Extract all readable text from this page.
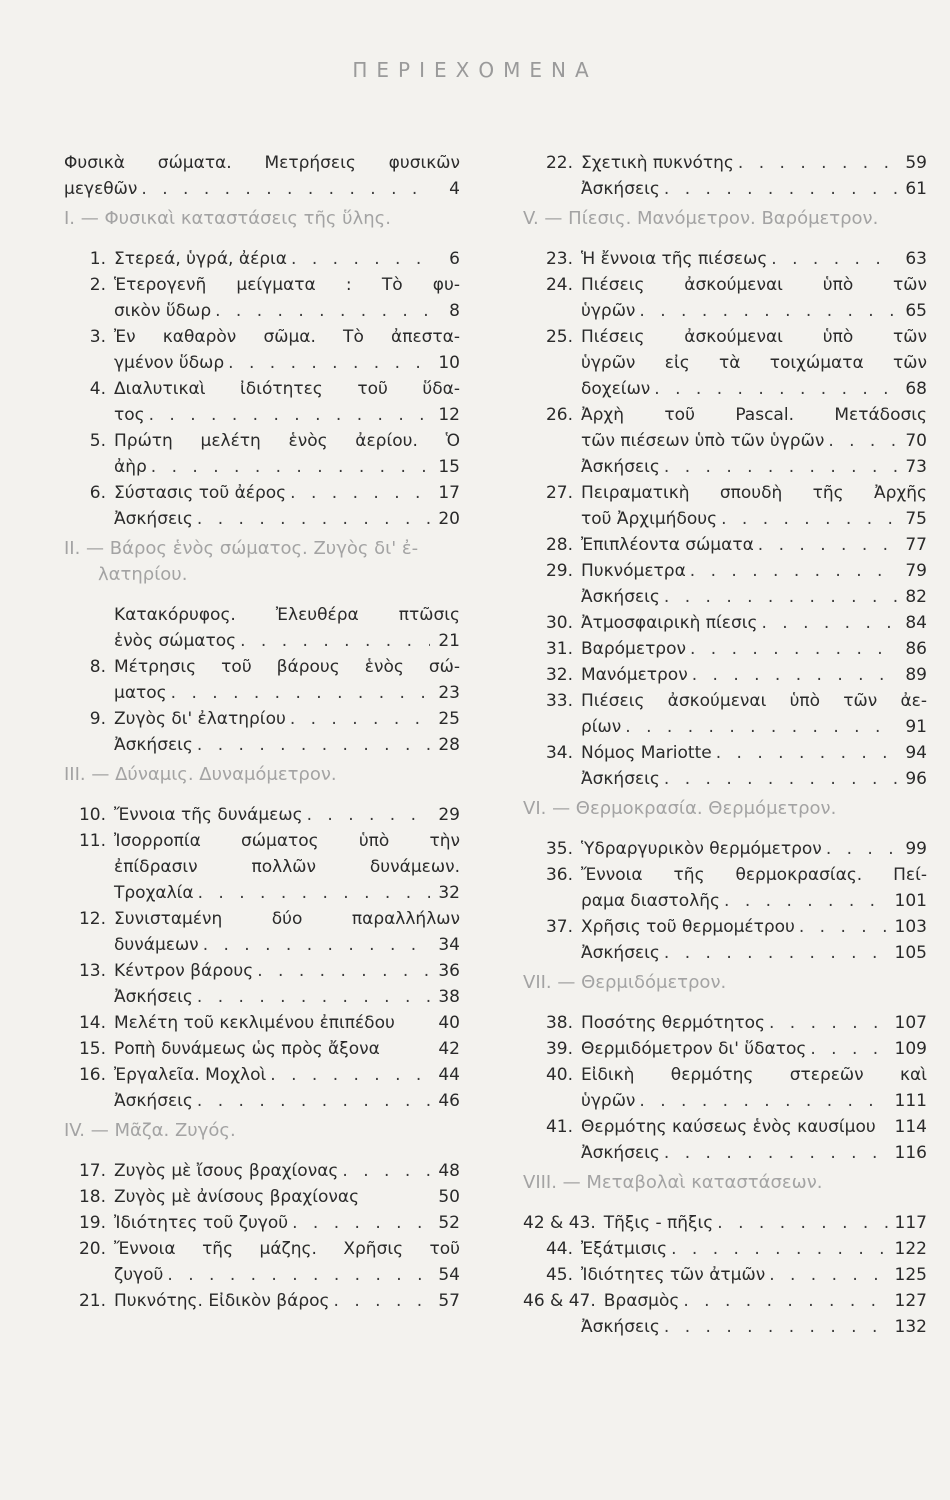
ΠΕΡΙΕΧΟΜΕΝΑ
Φυσικὰ σώματα. Μετρήσεις φυσικῶν
μεγεθῶν . . .	4
I. — Φυσικαὶ καταστάσεις τῆς ὕλης.
1. Στερεά, ὑγρά, ἀέρια . . .	6
2. Ἑτερογενῆ μείγματα : Τὸ φυ-
σικὸν ὕδωρ . . .	8
3. Ἐν καθαρὸν σῶμα. Τὸ ἀπεστα-
γμένον ὕδωρ . . .	10
4. Διαλυτικαὶ ἰδιότητες τοῦ ὕδα-
τος . . .	12
5. Πρώτη μελέτη ἑνὸς ἀερίου. Ὁ
ἀὴρ . . .	15
6. Σύστασις τοῦ ἀέρος . . .	17
Ἀσκήσεις . . .	20
II. — Βάρος ἑνὸς σώματος. Ζυγὸς δι' ἐ-
λατηρίου.
Κατακόρυφος. Ἐλευθέρα πτῶσις
ἑνὸς σώματος . . .	21
8. Μέτρησις τοῦ βάρους ἑνὸς σώ-
ματος . . .	23
9. Ζυγὸς δι' ἐλατηρίου . . .	25
Ἀσκήσεις . . .	28
III. — Δύναμις. Δυναμόμετρον.
10. Ἔννοια τῆς δυνάμεως . . .	29
11. Ἰσορροπία σώματος ὑπὸ τὴν
ἐπίδρασιν πολλῶν δυνάμεων.
Τροχαλία . . .	32
12. Συνισταμένη δύο παραλλήλων
δυνάμεων . . .	34
13. Κέντρον βάρους . . .	36
Ἀσκήσεις . . .	38
14. Μελέτη τοῦ κεκλιμένου ἐπιπέδου	40
15. Ροπὴ δυνάμεως ὡς πρὸς ἄξονα	42
16. Ἐργαλεῖα. Μοχλοὶ . . .	44
Ἀσκήσεις . . .	46
IV. — Μᾶζα. Ζυγός.
17. Ζυγὸς μὲ ἴσους βραχίονας . . .	48
18. Ζυγὸς μὲ ἀνίσους βραχίονας	50
19. Ἰδιότητες τοῦ ζυγοῦ . . .	52
20. Ἔννοια τῆς μάζης. Χρῆσις τοῦ
ζυγοῦ . . .	54
21. Πυκνότης. Εἰδικὸν βάρος . . .	57
22. Σχετικὴ πυκνότης . . .	59
Ἀσκήσεις . . .	61
V. — Πίεσις. Μανόμετρον. Βαρόμετρον.
23. Ἡ ἔννοια τῆς πιέσεως . . .	63
24. Πιέσεις ἀσκούμεναι ὑπὸ τῶν
ὑγρῶν . . .	65
25. Πιέσεις ἀσκούμεναι ὑπὸ τῶν
ὑγρῶν εἰς τὰ τοιχώματα τῶν
δοχείων . . .	68
26. Ἀρχὴ τοῦ Pascal. Μετάδοσις
τῶν πιέσεων ὑπὸ τῶν ὑγρῶν . . .	70
Ἀσκήσεις . . .	73
27. Πειραματικὴ σπουδὴ τῆς Ἀρχῆς
τοῦ Ἀρχιμήδους . . .	75
28. Ἐπιπλέοντα σώματα . . .	77
29. Πυκνόμετρα . . .	79
Ἀσκήσεις . . .	82
30. Ἀτμοσφαιρικὴ πίεσις . . .	84
31. Βαρόμετρον . . .	86
32. Μανόμετρον . . .	89
33. Πιέσεις ἀσκούμεναι ὑπὸ τῶν ἀε-
ρίων . . .	91
34. Νόμος Mariotte . . .	94
Ἀσκήσεις . . .	96
VI. — Θερμοκρασία. Θερμόμετρον.
35. Ὑδραργυρικὸν θερμόμετρον . . .	99
36. Ἔννοια τῆς θερμοκρασίας. Πεί-
ραμα διαστολῆς . . .	101
37. Χρῆσις τοῦ θερμομέτρου . . .	103
Ἀσκήσεις . . .	105
VII. — Θερμιδόμετρον.
38. Ποσότης θερμότητος . . .	107
39. Θερμιδόμετρον δι' ὕδατος . . .	109
40. Εἰδικὴ θερμότης στερεῶν καὶ
ὑγρῶν . . .	111
41. Θερμότης καύσεως ἑνὸς καυσίμου 114
Ἀσκήσεις . . .	116
VIII. — Μεταβολαὶ καταστάσεων.
42 & 43. Τῆξις - πῆξις . . .	117
44. Ἐξάτμισις . . .	122
45. Ἰδιότητες τῶν ἀτμῶν . . .	125
46 & 47. Βρασμὸς . . .	127
Ἀσκήσεις . . .	132
